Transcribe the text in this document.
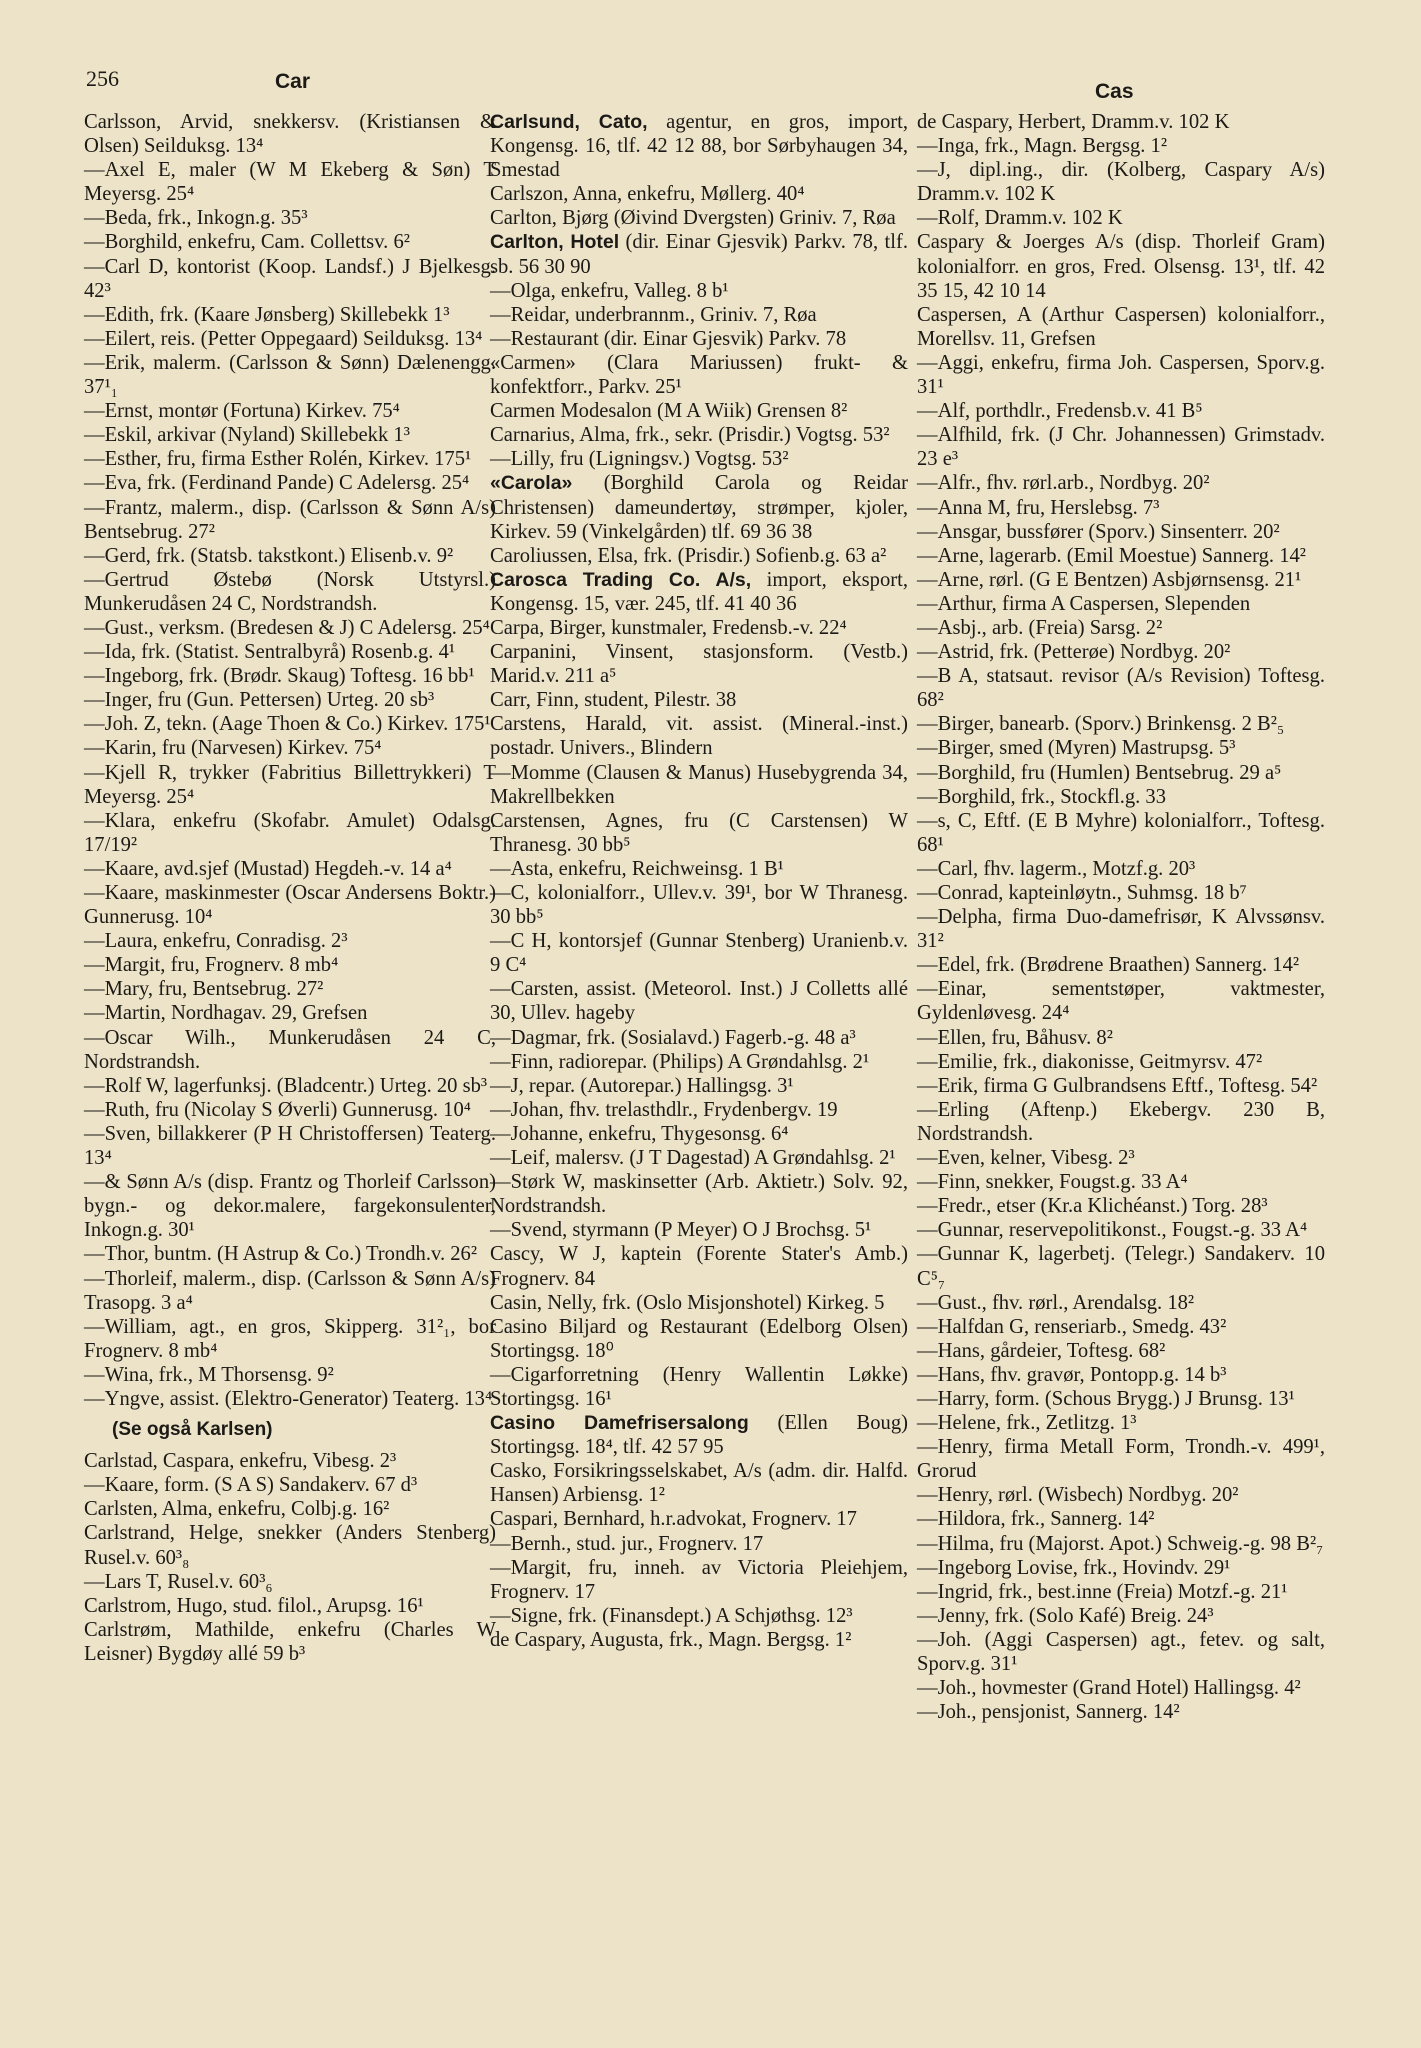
256	Car	Cas

Carlsson, Arvid, snekkersv. (Kristiansen & Olsen) Seilduksg. 13⁴

—Axel E, maler (W M Ekeberg & Søn) T Meyersg. 25⁴

—Beda, frk., Inkogn.g. 35³

—Borghild, enkefru, Cam. Collettsv. 6²

—Carl D, kontorist (Koop. Landsf.) J Bjelkesg. 42³

—Edith, frk. (Kaare Jønsberg) Skillebekk 1³

—Eilert, reis. (Petter Oppegaard) Seilduksg. 13⁴

—Erik, malerm. (Carlsson & Sønn) Dælenengg. 37¹₁

—Ernst, montør (Fortuna) Kirkev. 75⁴

—Eskil, arkivar (Nyland) Skillebekk 1³

—Esther, fru, firma Esther Rolén, Kirkev. 175¹

—Eva, frk. (Ferdinand Pande) C Adelersg. 25⁴

—Frantz, malerm., disp. (Carlsson & Sønn A/s) Bentsebrug. 27²

—Gerd, frk. (Statsb. takstkont.) Elisenb.v. 9²

—Gertrud Østebø (Norsk Utstyrsl.) Munkerudåsen 24 C, Nordstrandsh.

—Gust., verksm. (Bredesen & J) C Adelersg. 25⁴

—Ida, frk. (Statist. Sentralbyrå) Rosenb.g. 4¹

—Ingeborg, frk. (Brødr. Skaug) Toftesg. 16 bb¹

—Inger, fru (Gun. Pettersen) Urteg. 20 sb³

—Joh. Z, tekn. (Aage Thoen & Co.) Kirkev. 175¹

—Karin, fru (Narvesen) Kirkev. 75⁴

—Kjell R, trykker (Fabritius Billettrykkeri) T Meyersg. 25⁴

—Klara, enkefru (Skofabr. Amulet) Odalsg. 17/19²

—Kaare, avd.sjef (Mustad) Hegdeh.-v. 14 a⁴

—Kaare, maskinmester (Oscar Andersens Boktr.) Gunnerusg. 10⁴

—Laura, enkefru, Conradisg. 2³

—Margit, fru, Frognerv. 8 mb⁴

—Mary, fru, Bentsebrug. 27²

—Martin, Nordhagav. 29, Grefsen

—Oscar Wilh., Munkerudåsen 24 C, Nordstrandsh.

—Rolf W, lagerfunksj. (Bladcentr.) Urteg. 20 sb³

—Ruth, fru (Nicolay S Øverli) Gunnerusg. 10⁴

—Sven, billakkerer (P H Christoffersen) Teaterg. 13⁴

—& Sønn A/s (disp. Frantz og Thorleif Carlsson) bygn.- og dekor.malere, fargekonsulenter, Inkogn.g. 30¹

—Thor, buntm. (H Astrup & Co.) Trondh.v. 26²

—Thorleif, malerm., disp. (Carlsson & Sønn A/s) Trasopg. 3 a⁴

—William, agt., en gros, Skipperg. 31²₁, bor Frognerv. 8 mb⁴

—Wina, frk., M Thorsensg. 9²

—Yngve, assist. (Elektro-Generator) Teaterg. 13⁴

(Se også Karlsen)

Carlstad, Caspara, enkefru, Vibesg. 2³

—Kaare, form. (S A S) Sandakerv. 67 d³

Carlsten, Alma, enkefru, Colbj.g. 16²

Carlstrand, Helge, snekker (Anders Stenberg) Rusel.v. 60³₈

—Lars T, Rusel.v. 60³₆

Carlstrom, Hugo, stud. filol., Arupsg. 16¹

Carlstrøm, Mathilde, enkefru (Charles W Leisner) Bygdøy allé 59 b³

Carlsund, Cato, agentur, en gros, import, Kongensg. 16, tlf. 42 12 88, bor Sørbyhaugen 34, Smestad

Carlszon, Anna, enkefru, Møllerg. 40⁴

Carlton, Bjørg (Øivind Dvergsten) Griniv. 7, Røa

Carlton, Hotel (dir. Einar Gjesvik) Parkv. 78, tlf. sb. 56 30 90

—Olga, enkefru, Valleg. 8 b¹

—Reidar, underbrannm., Griniv. 7, Røa

—Restaurant (dir. Einar Gjesvik) Parkv. 78

«Carmen» (Clara Mariussen) frukt- & konfektforr., Parkv. 25¹

Carmen Modesalon (M A Wiik) Grensen 8²

Carnarius, Alma, frk., sekr. (Prisdir.) Vogtsg. 53²

—Lilly, fru (Ligningsv.) Vogtsg. 53²

«Carola» (Borghild Carola og Reidar Christensen) dameundertøy, strømper, kjoler, Kirkev. 59 (Vinkelgården) tlf. 69 36 38

Caroliussen, Elsa, frk. (Prisdir.) Sofienb.g. 63 a²

Carosca Trading Co. A/s, import, eksport, Kongensg. 15, vær. 245, tlf. 41 40 36

Carpa, Birger, kunstmaler, Fredensb.-v. 22⁴

Carpanini, Vinsent, stasjonsform. (Vestb.) Marid.v. 211 a⁵

Carr, Finn, student, Pilestr. 38

Carstens, Harald, vit. assist. (Mineral.-inst.) postadr. Univers., Blindern

—Momme (Clausen & Manus) Husebygrenda 34, Makrellbekken

Carstensen, Agnes, fru (C Carstensen) W Thranesg. 30 bb⁵

—Asta, enkefru, Reichweinsg. 1 B¹

—C, kolonialforr., Ullev.v. 39¹, bor W Thranesg. 30 bb⁵

—C H, kontorsjef (Gunnar Stenberg) Uranienb.v. 9 C⁴

—Carsten, assist. (Meteorol. Inst.) J Colletts allé 30, Ullev. hageby

—Dagmar, frk. (Sosialavd.) Fagerb.-g. 48 a³

—Finn, radiorepar. (Philips) A Grøndahlsg. 2¹

—J, repar. (Autorepar.) Hallingsg. 3¹

—Johan, fhv. trelasthdlr., Frydenbergv. 19

—Johanne, enkefru, Thygesonsg. 6⁴

—Leif, malersv. (J T Dagestad) A Grøndahlsg. 2¹

—Størk W, maskinsetter (Arb. Aktietr.) Solv. 92, Nordstrandsh.

—Svend, styrmann (P Meyer) O J Brochsg. 5¹

Cascy, W J, kaptein (Forente Stater's Amb.) Frognerv. 84

Casin, Nelly, frk. (Oslo Misjonshotel) Kirkeg. 5

Casino Biljard og Restaurant (Edelborg Olsen) Stortingsg. 18⁰

—Cigarforretning (Henry Wallentin Løkke) Stortingsg. 16¹

Casino Damefrisersalong (Ellen Boug) Stortingsg. 18⁴, tlf. 42 57 95

Casko, Forsikringsselskabet, A/s (adm. dir. Halfd. Hansen) Arbiensg. 1²

Caspari, Bernhard, h.r.advokat, Frognerv. 17

—Bernh., stud. jur., Frognerv. 17

—Margit, fru, inneh. av Victoria Pleiehjem, Frognerv. 17

—Signe, frk. (Finansdept.) A Schjøthsg. 12³

de Caspary, Augusta, frk., Magn. Bergsg. 1²

de Caspary, Herbert, Dramm.v. 102 K

—Inga, frk., Magn. Bergsg. 1²

—J, dipl.ing., dir. (Kolberg, Caspary A/s) Dramm.v. 102 K

—Rolf, Dramm.v. 102 K

Caspary & Joerges A/s (disp. Thorleif Gram) kolonialforr. en gros, Fred. Olsensg. 13¹, tlf. 42 35 15, 42 10 14

Caspersen, A (Arthur Caspersen) kolonialforr., Morellsv. 11, Grefsen

—Aggi, enkefru, firma Joh. Caspersen, Sporv.g. 31¹

—Alf, porthdlr., Fredensb.v. 41 B⁵

—Alfhild, frk. (J Chr. Johannessen) Grimstadv. 23 e³

—Alfr., fhv. rørl.arb., Nordbyg. 20²

—Anna M, fru, Herslebsg. 7³

—Ansgar, bussfører (Sporv.) Sinsenterr. 20²

—Arne, lagerarb. (Emil Moestue) Sannerg. 14²

—Arne, rørl. (G E Bentzen) Asbjørnsensg. 21¹

—Arthur, firma A Caspersen, Slependen

—Asbj., arb. (Freia) Sarsg. 2²

—Astrid, frk. (Petterøe) Nordbyg. 20²

—B A, statsaut. revisor (A/s Revision) Toftesg. 68²

—Birger, banearb. (Sporv.) Brinkensg. 2 B²₅

—Birger, smed (Myren) Mastrupsg. 5³

—Borghild, fru (Humlen) Bentsebrug. 29 a⁵

—Borghild, frk., Stockfl.g. 33

—s, C, Eftf. (E B Myhre) kolonialforr., Toftesg. 68¹

—Carl, fhv. lagerm., Motzf.g. 20³

—Conrad, kapteinløytn., Suhmsg. 18 b⁷

—Delpha, firma Duo-damefrisør, K Alvssønsv. 31²

—Edel, frk. (Brødrene Braathen) Sannerg. 14²

—Einar, sementstøper, vaktmester, Gyldenløvesg. 24⁴

—Ellen, fru, Båhusv. 8²

—Emilie, frk., diakonisse, Geitmyrsv. 47²

—Erik, firma G Gulbrandsens Eftf., Toftesg. 54²

—Erling (Aftenp.) Ekebergv. 230 B, Nordstrandsh.

—Even, kelner, Vibesg. 2³

—Finn, snekker, Fougst.g. 33 A⁴

—Fredr., etser (Kr.a Klichéanst.) Torg. 28³

—Gunnar, reservepolitikonst., Fougst.-g. 33 A⁴

—Gunnar K, lagerbetj. (Telegr.) Sandakerv. 10 C⁵₇

—Gust., fhv. rørl., Arendalsg. 18²

—Halfdan G, renseriarb., Smedg. 43²

—Hans, gårdeier, Toftesg. 68²

—Hans, fhv. gravør, Pontopp.g. 14 b³

—Harry, form. (Schous Brygg.) J Brunsg. 13¹

—Helene, frk., Zetlitzg. 1³

—Henry, firma Metall Form, Trondh.-v. 499¹, Grorud

—Henry, rørl. (Wisbech) Nordbyg. 20²

—Hildora, frk., Sannerg. 14²

—Hilma, fru (Majorst. Apot.) Schweig.-g. 98 B²₇

—Ingeborg Lovise, frk., Hovindv. 29¹

—Ingrid, frk., best.inne (Freia) Motzf.-g. 21¹

—Jenny, frk. (Solo Kafé) Breig. 24³

—Joh. (Aggi Caspersen) agt., fetev. og salt, Sporv.g. 31¹

—Joh., hovmester (Grand Hotel) Hallingsg. 4²

—Joh., pensjonist, Sannerg. 14²
